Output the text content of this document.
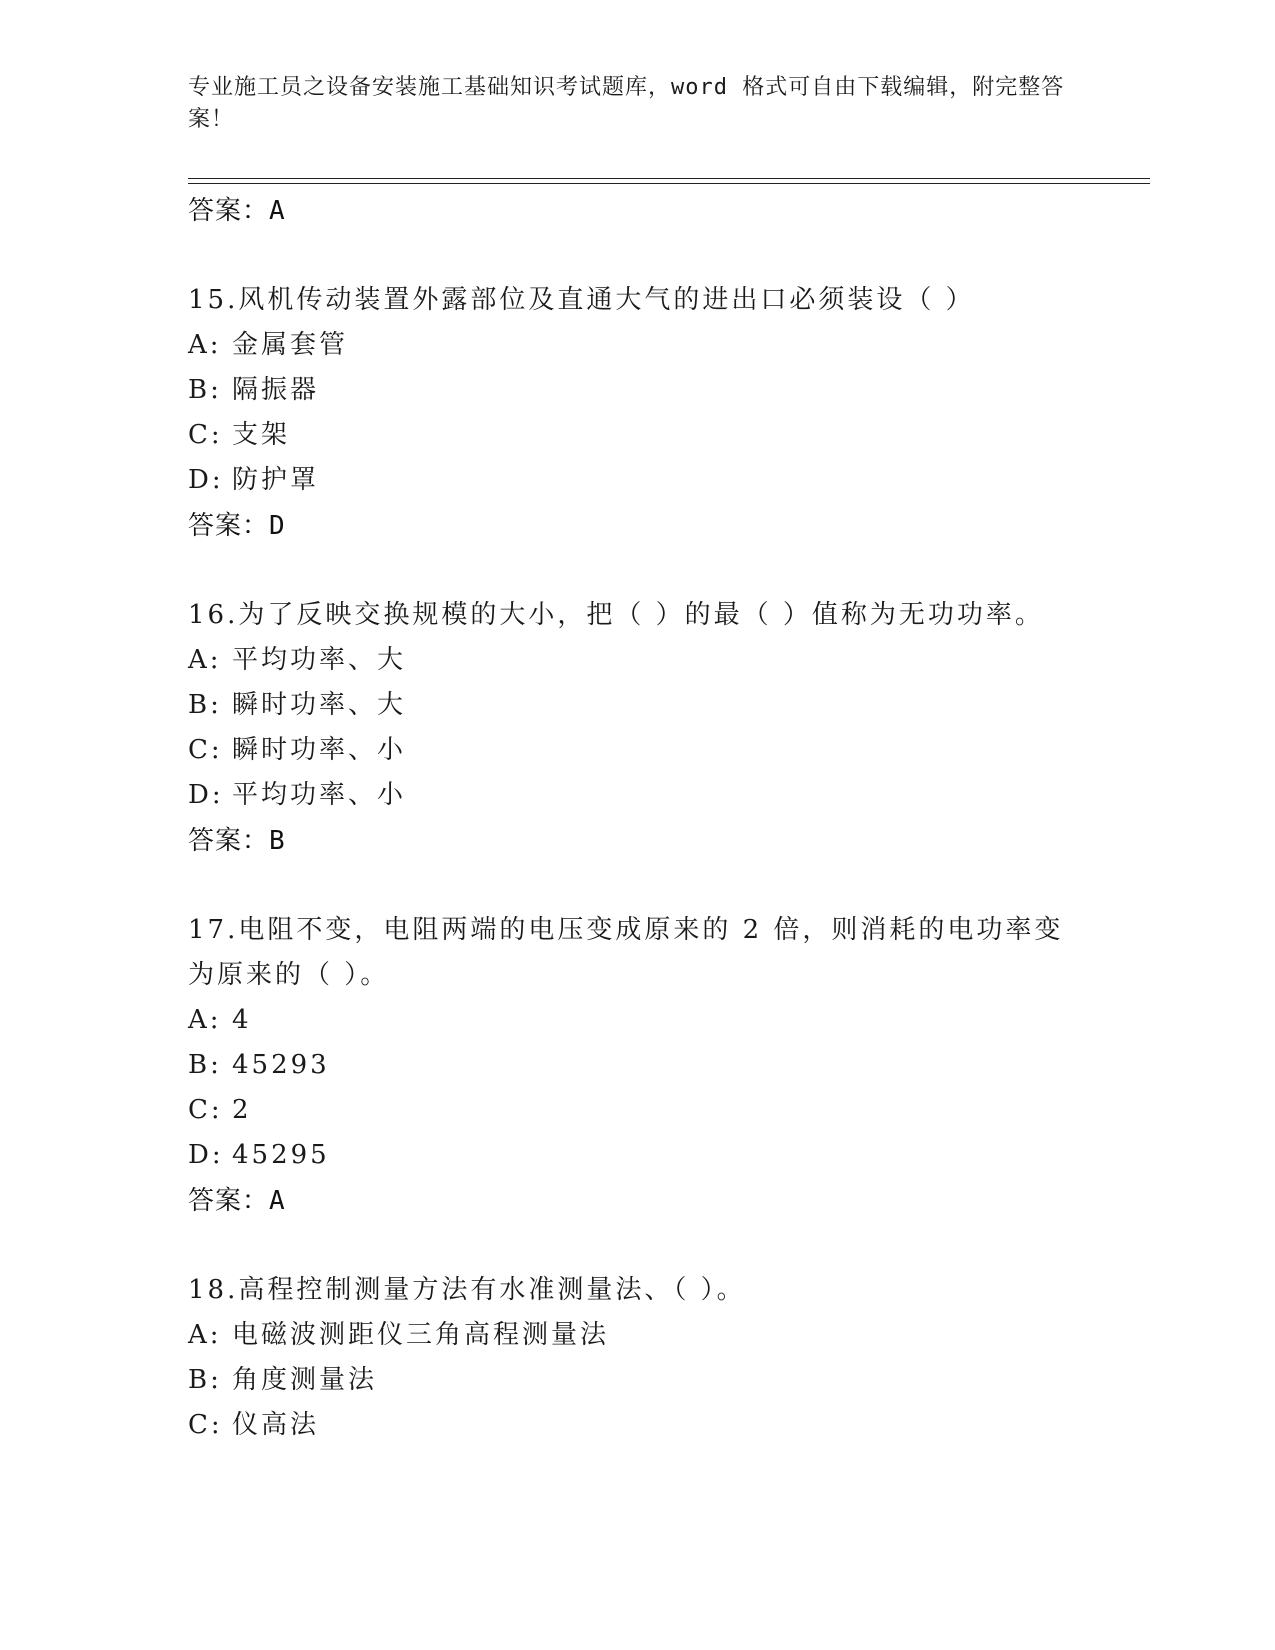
专业施工员之设备安装施工基础知识考试题库，word 格式可自由下载编辑，附完整答案！
答案：A
15.风机传动装置外露部位及直通大气的进出口必须装设（ ）
A: 金属套管
B: 隔振器
C: 支架
D: 防护罩
答案：D
16.为了反映交换规模的大小，把（ ）的最（ ）值称为无功功率。
A: 平均功率、大
B: 瞬时功率、大
C: 瞬时功率、小
D: 平均功率、小
答案：B
17.电阻不变，电阻两端的电压变成原来的 2 倍，则消耗的电功率变为原来的（ ）。
A: 4
B: 45293
C: 2
D: 45295
答案：A
18.高程控制测量方法有水准测量法、（ ）。
A: 电磁波测距仪三角高程测量法
B: 角度测量法
C: 仪高法
